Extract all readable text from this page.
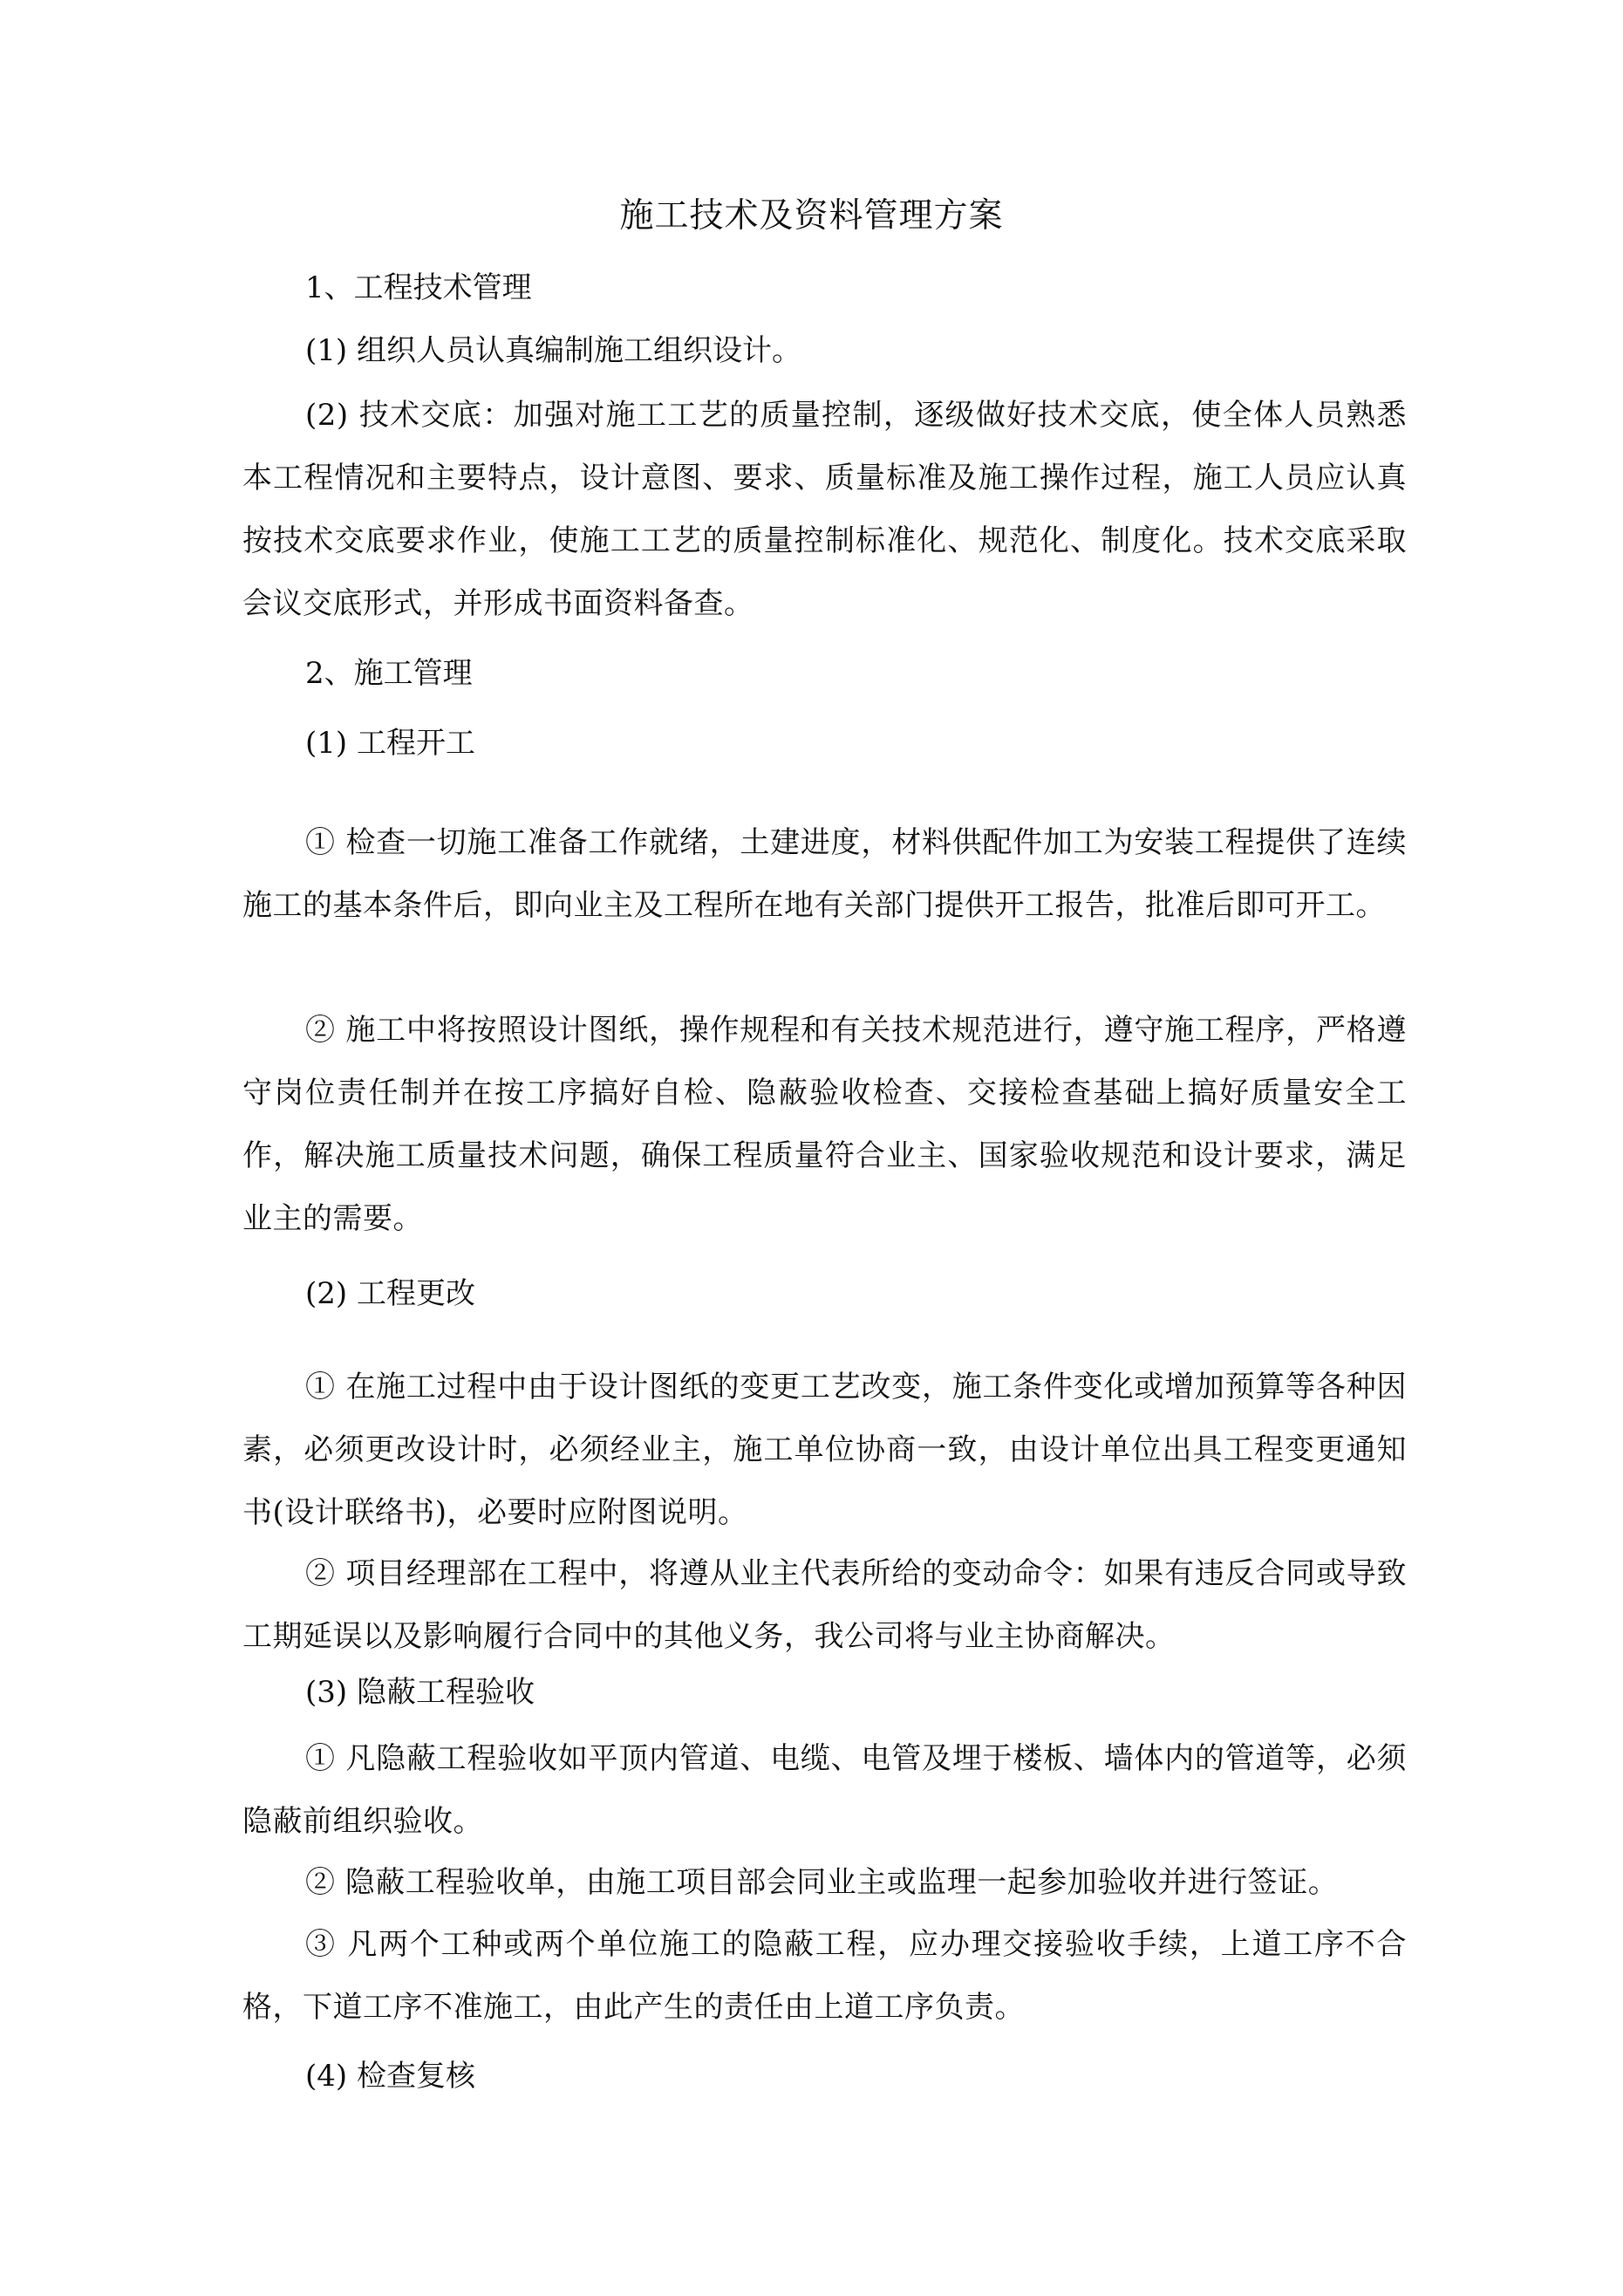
施工技术及资料管理方案

1、工程技术管理

(1) 组织人员认真编制施工组织设计。

(2) 技术交底：加强对施工工艺的质量控制，逐级做好技术交底，使全体人员熟悉本工程情况和主要特点，设计意图、要求、质量标准及施工操作过程，施工人员应认真按技术交底要求作业，使施工工艺的质量控制标准化、规范化、制度化。技术交底采取会议交底形式，并形成书面资料备查。

2、施工管理

(1) 工程开工

① 检查一切施工准备工作就绪，土建进度，材料供配件加工为安装工程提供了连续施工的基本条件后，即向业主及工程所在地有关部门提供开工报告，批准后即可开工。

② 施工中将按照设计图纸，操作规程和有关技术规范进行，遵守施工程序，严格遵守岗位责任制并在按工序搞好自检、隐蔽验收检查、交接检查基础上搞好质量安全工作，解决施工质量技术问题，确保工程质量符合业主、国家验收规范和设计要求，满足业主的需要。

(2) 工程更改

① 在施工过程中由于设计图纸的变更工艺改变，施工条件变化或增加预算等各种因素，必须更改设计时，必须经业主，施工单位协商一致，由设计单位出具工程变更通知书(设计联络书)，必要时应附图说明。

② 项目经理部在工程中，将遵从业主代表所给的变动命令：如果有违反合同或导致工期延误以及影响履行合同中的其他义务，我公司将与业主协商解决。

(3) 隐蔽工程验收

① 凡隐蔽工程验收如平顶内管道、电缆、电管及埋于楼板、墙体内的管道等，必须隐蔽前组织验收。

② 隐蔽工程验收单，由施工项目部会同业主或监理一起参加验收并进行签证。

③ 凡两个工种或两个单位施工的隐蔽工程，应办理交接验收手续，上道工序不合格，下道工序不准施工，由此产生的责任由上道工序负责。

(4) 检查复核
